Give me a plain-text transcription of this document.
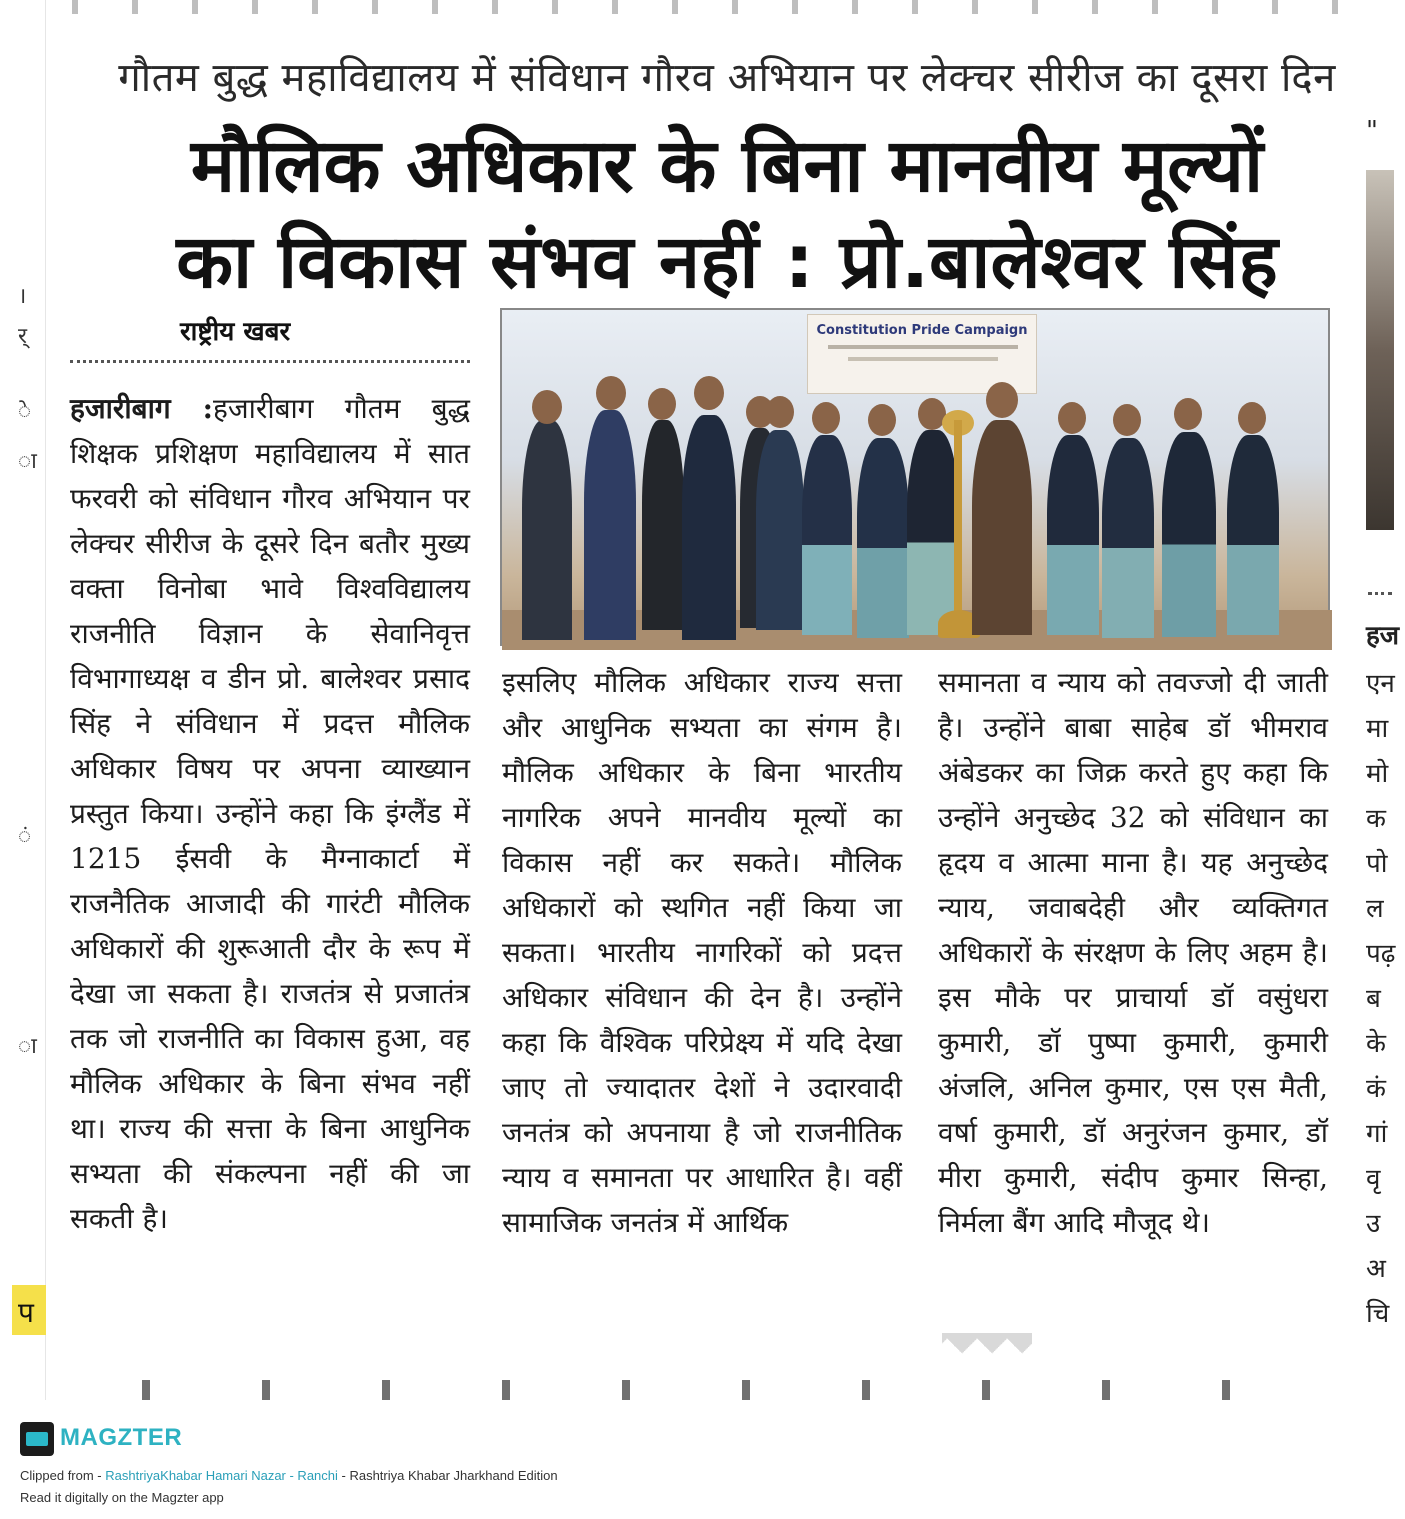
।
र्
े
ा
ं
ा
प
गौतम बुद्ध महाविद्यालय में संविधान गौरव अभियान पर लेक्चर सीरीज का दूसरा दिन
मौलिक अधिकार के बिना मानवीय मूल्यों
का विकास संभव नहीं : प्रो.बालेश्वर सिंह
राष्ट्रीय खबर
हजारीबाग :हजारीबाग गौतम बुद्ध शिक्षक प्रशिक्षण महाविद्यालय में सात फरवरी को संविधान गौरव अभियान पर लेक्चर सीरीज के दूसरे दिन बतौर मुख्य वक्ता विनोबा भावे विश्वविद्यालय राजनीति विज्ञान के सेवानिवृत्त विभागाध्यक्ष व डीन प्रो. बालेश्वर प्रसाद सिंह ने संविधान में प्रदत्त मौलिक अधिकार विषय पर अपना व्याख्यान प्रस्तुत किया। उन्होंने कहा कि इंग्लैंड में 1215 ईसवी के मैग्नाकार्टा में राजनैतिक आजादी की गारंटी मौलिक अधिकारों की शुरूआती दौर के रूप में देखा जा सकता है। राजतंत्र से प्रजातंत्र तक जो राजनीति का विकास हुआ, वह मौलिक अधिकार के बिना संभव नहीं था। राज्य की सत्ता के बिना आधुनिक सभ्यता की संकल्पना नहीं की जा सकती है।
Constitution Pride Campaign
इसलिए मौलिक अधिकार राज्य सत्ता और आधुनिक सभ्यता का संगम है। मौलिक अधिकार के बिना भारतीय नागरिक अपने मानवीय मूल्यों का विकास नहीं कर सकते। मौलिक अधिकारों को स्थगित नहीं किया जा सकता। भारतीय नागरिकों को प्रदत्त अधिकार संविधान की देन है। उन्होंने कहा कि वैश्विक परिप्रेक्ष्य में यदि देखा जाए तो ज्यादातर देशों ने उदारवादी जनतंत्र को अपनाया है जो राजनीतिक न्याय व समानता पर आधारित है। वहीं सामाजिक जनतंत्र में आर्थिक
समानता व न्याय को तवज्जो दी जाती है। उन्होंने बाबा साहेब डॉ भीमराव अंबेडकर का जिक्र करते हुए कहा कि उन्होंने अनुच्छेद 32 को संविधान का हृदय व आत्मा माना है। यह अनुच्छेद न्याय, जवाबदेही और व्यक्तिगत अधिकारों के संरक्षण के लिए अहम है। इस मौके पर प्राचार्या डॉ वसुंधरा कुमारी, डॉ पुष्पा कुमारी, कुमारी अंजलि, अनिल कुमार, एस एस मैती, वर्षा कुमारी, डॉ अनुरंजन कुमार, डॉ मीरा कुमारी, संदीप कुमार सिन्हा, निर्मला बैंग आदि मौजूद थे।
"
हज
एन
मा
मो
क
पो
ल
पढ़
ब
के
कं
गां
वृ
उ
अ
चि
MAGZTER
Clipped from - RashtriyaKhabar Hamari Nazar - Ranchi - Rashtriya Khabar Jharkhand Edition
Read it digitally on the Magzter app
